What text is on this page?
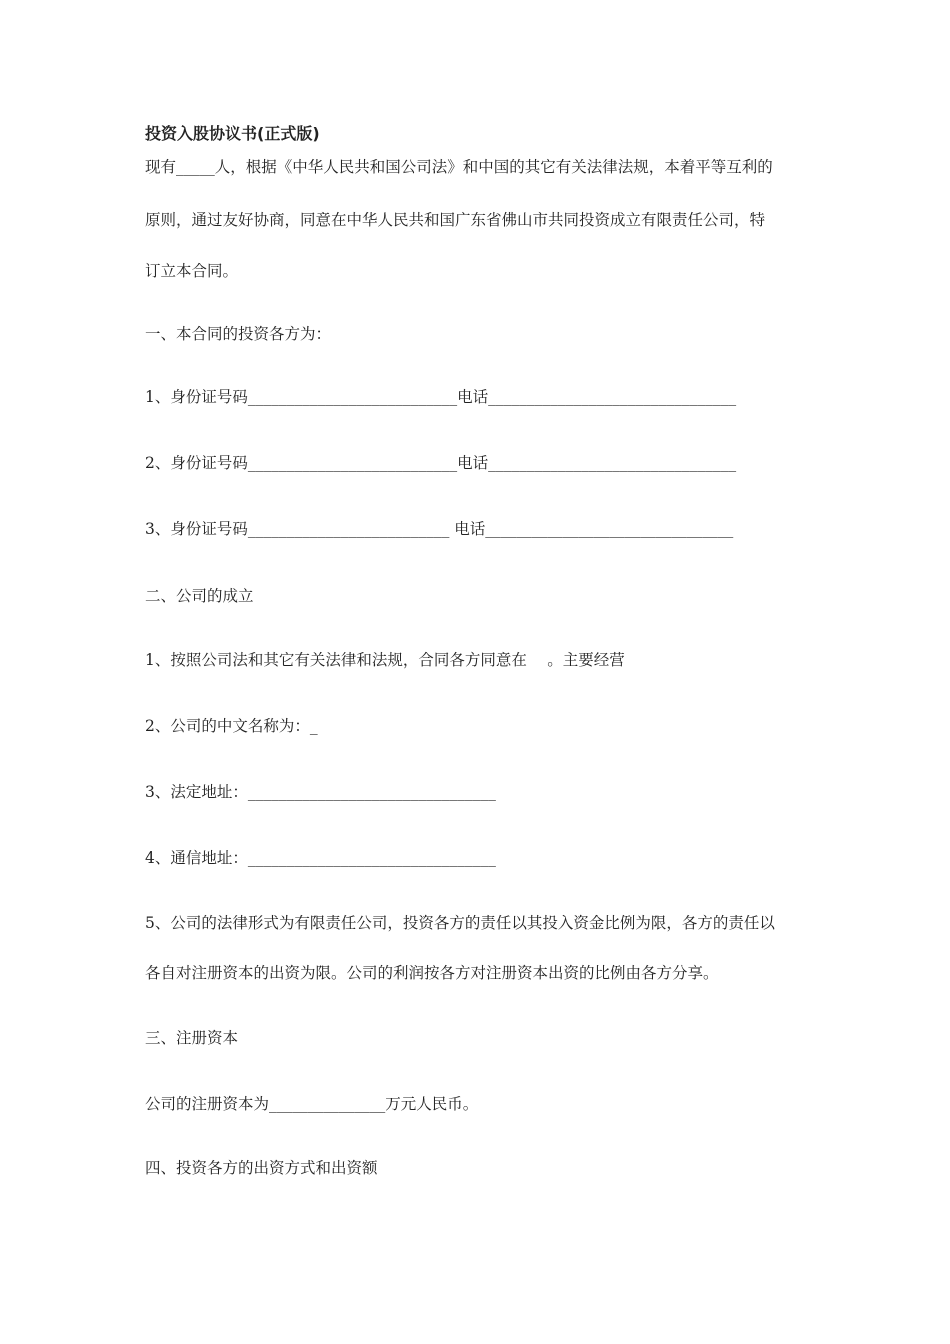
投资入股协议书(正式版)
现有_____人，根据《中华人民共和国公司法》和中国的其它有关法律法规，本着平等互利的
原则，通过友好协商，同意在中华人民共和国广东省佛山市共同投资成立有限责任公司，特
订立本合同。
一、本合同的投资各方为：
1、身份证号码___________________________电话________________________________
2、身份证号码___________________________电话________________________________
3、身份证号码__________________________ 电话________________________________
二、公司的成立
1、按照公司法和其它有关法律和法规，合同各方同意在　 。主要经营
2、公司的中文名称为：_
3、法定地址：________________________________
4、通信地址：________________________________
5、公司的法律形式为有限责任公司，投资各方的责任以其投入资金比例为限，各方的责任以
各自对注册资本的出资为限。公司的利润按各方对注册资本出资的比例由各方分享。
三、注册资本
公司的注册资本为_______________万元人民币。
四、投资各方的出资方式和出资额
